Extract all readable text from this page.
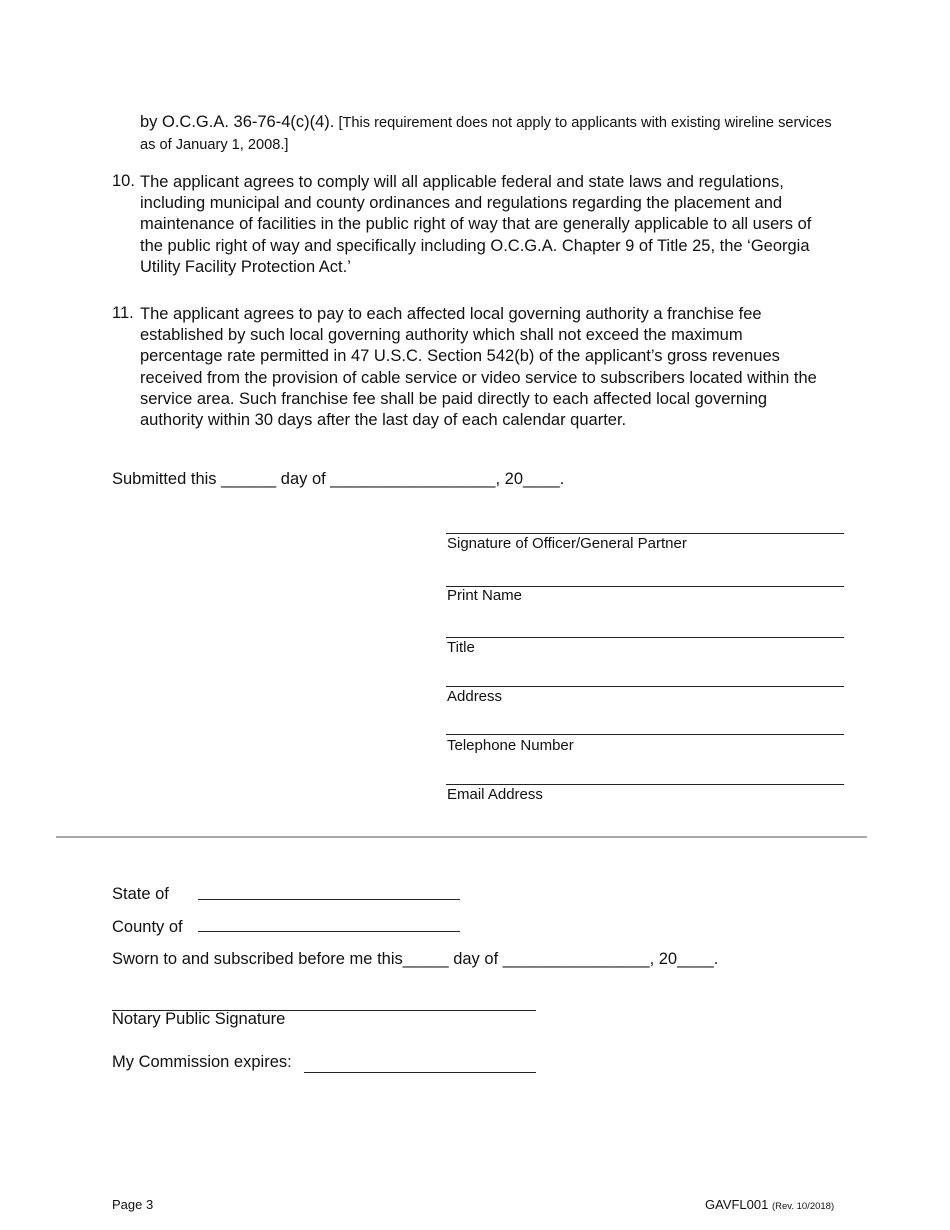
by O.C.G.A. 36-76-4(c)(4). [This requirement does not apply to applicants with existing wireline services as of January 1, 2008.]
10. The applicant agrees to comply will all applicable federal and state laws and regulations, including municipal and county ordinances and regulations regarding the placement and maintenance of facilities in the public right of way that are generally applicable to all users of the public right of way and specifically including O.C.G.A. Chapter 9 of Title 25, the ‘Georgia Utility Facility Protection Act.’
11. The applicant agrees to pay to each affected local governing authority a franchise fee established by such local governing authority which shall not exceed the maximum percentage rate permitted in 47 U.S.C. Section 542(b) of the applicant’s gross revenues received from the provision of cable service or video service to subscribers located within the service area. Such franchise fee shall be paid directly to each affected local governing authority within 30 days after the last day of each calendar quarter.
Submitted this ______ day of __________________, 20____.
Signature of Officer/General Partner
Print Name
Title
Address
Telephone Number
Email Address
State of
County of
Sworn to and subscribed before me this_____ day of ________________, 20____.
Notary Public Signature
My Commission expires:
Page 3	GAVFL001 (Rev. 10/2018)
